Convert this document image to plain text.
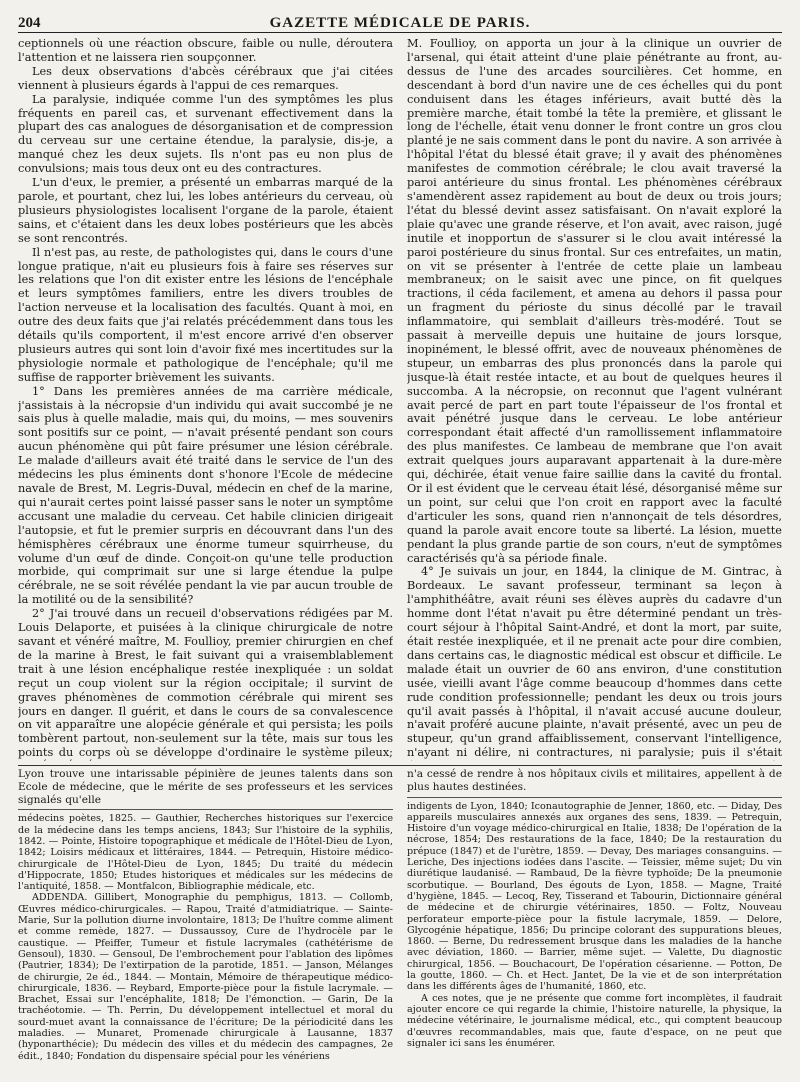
204	GAZETTE MÉDICALE DE PARIS.

ceptionnels où une réaction obscure, faible ou nulle, déroutera l'attention et ne laissera rien soupçonner.

Les deux observations d'abcès cérébraux que j'ai citées viennent à plusieurs égards à l'appui de ces remarques.

La paralysie, indiquée comme l'un des symptômes les plus fréquents en pareil cas, et survenant effectivement dans la plupart des cas analogues de désorganisation et de compression du cerveau sur une certaine étendue, la paralysie, dis-je, a manqué chez les deux sujets. Ils n'ont pas eu non plus de convulsions; mais tous deux ont eu des contractures.

L'un d'eux, le premier, a présenté un embarras marqué de la parole, et pourtant, chez lui, les lobes antérieurs du cerveau, où plusieurs physiologistes localisent l'organe de la parole, étaient sains, et c'étaient dans les deux lobes postérieurs que les abcès se sont rencontrés.

Il n'est pas, au reste, de pathologistes qui, dans le cours d'une longue pratique, n'ait eu plusieurs fois à faire ses réserves sur les relations que l'on dit exister entre les lésions de l'encéphale et leurs symptômes familiers, entre les divers troubles de l'action nerveuse et la localisation des facultés. Quant à moi, en outre des deux faits que j'ai relatés précédemment dans tous les détails qu'ils comportent, il m'est encore arrivé d'en observer plusieurs autres qui sont loin d'avoir fixé mes incertitudes sur la physiologie normale et pathologique de l'encéphale; qu'il me suffise de rapporter brièvement les suivants.

1° Dans les premières années de ma carrière médicale, j'assistais à la nécropsie d'un individu qui avait succombé je ne sais plus à quelle maladie, mais qui, du moins, — mes souvenirs sont positifs sur ce point, — n'avait présenté pendant son cours aucun phénomène qui pût faire présumer une lésion cérébrale. Le malade d'ailleurs avait été traité dans le service de l'un des médecins les plus éminents dont s'honore l'Ecole de médecine navale de Brest, M. Legris-Duval, médecin en chef de la marine, qui n'aurait certes point laissé passer sans le noter un symptôme accusant une maladie du cerveau. Cet habile clinicien dirigeait l'autopsie, et fut le premier surpris en découvrant dans l'un des hémisphères cérébraux une énorme tumeur squirrheuse, du volume d'un œuf de dinde. Conçoit-on qu'une telle production morbide, qui comprimait sur une si large étendue la pulpe cérébrale, ne se soit révélée pendant la vie par aucun trouble de la motilité ou de la sensibilité?

2° J'ai trouvé dans un recueil d'observations rédigées par M. Louis Delaporte, et puisées à la clinique chirurgicale de notre savant et vénéré maître, M. Foullioy, premier chirurgien en chef de la marine à Brest, le fait suivant qui a vraisemblablement trait à une lésion encéphalique restée inexpliquée : un soldat reçut un coup violent sur la région occipitale; il survint de graves phénomènes de commotion cérébrale qui mirent ses jours en danger. Il guérit, et dans le cours de sa convalescence on vit apparaître une alopécie générale et qui persista; les poils tombèrent partout, non-seulement sur la tête, mais sur tous les points du corps où se développe d'ordinaire le système pileux;

M. Foullioy, on apporta un jour à la clinique un ouvrier de l'arsenal, qui était atteint d'une plaie pénétrante au front, au-dessus de l'une des arcades sourcilières. Cet homme, en descendant à bord d'un navire une de ces échelles qui du pont conduisent dans les étages inférieurs, avait butté dès la première marche, était tombé la tête la première, et glissant le long de l'échelle, était venu donner le front contre un gros clou planté je ne sais comment dans le pont du navire. A son arrivée à l'hôpital l'état du blessé était grave; il y avait des phénomènes manifestes de commotion cérébrale; le clou avait traversé la paroi antérieure du sinus frontal. Les phénomènes cérébraux s'amendèrent assez rapidement au bout de deux ou trois jours; l'état du blessé devint assez satisfaisant. On n'avait exploré la plaie qu'avec une grande réserve, et l'on avait, avec raison, jugé inutile et inopportun de s'assurer si le clou avait intéressé la paroi postérieure du sinus frontal. Sur ces entrefaites, un matin, on vit se présenter à l'entrée de cette plaie un lambeau membraneux; on le saisit avec une pince, on fit quelques tractions, il céda facilement, et amena au dehors il passa pour un fragment du périoste du sinus décollé par le travail inflammatoire, qui semblait d'ailleurs très-modéré. Tout se passait à merveille depuis une huitaine de jours lorsque, inopinément, le blessé offrit, avec de nouveaux phénomènes de stupeur, un embarras des plus prononcés dans la parole qui jusque-là était restée intacte, et au bout de quelques heures il succomba. A la nécropsie, on reconnut que l'agent vulnérant avait percé de part en part toute l'épaisseur de l'os frontal et avait pénétré jusque dans le cerveau. Le lobe antérieur correspondant était affecté d'un ramollissement inflammatoire des plus manifestes. Ce lambeau de membrane que l'on avait extrait quelques jours auparavant appartenait à la dure-mère qui, déchirée, était venue faire saillie dans la cavité du frontal. Or il est évident que le cerveau était lésé, désorganisé même sur un point, sur celui que l'on croit en rapport avec la faculté d'articuler les sons, quand rien n'annonçait de tels désordres, quand la parole avait encore toute sa liberté. La lésion, muette pendant la plus grande partie de son cours, n'eut de symptômes caractérisés qu'à sa période finale.

4° Je suivais un jour, en 1844, la clinique de M. Gintrac, à Bordeaux. Le savant professeur, terminant sa leçon à l'amphithéâtre, avait réuni ses élèves auprès du cadavre d'un homme dont l'état n'avait pu être déterminé pendant un très-court séjour à l'hôpital Saint-André, et dont la mort, par suite, était restée inexpliquée, et il ne prenait acte pour dire combien, dans certains cas, le diagnostic médical est obscur et difficile. Le malade était un ouvrier de 60 ans environ, d'une constitution usée, vieilli avant l'âge comme beaucoup d'hommes dans cette rude condition professionnelle; pendant les deux ou trois jours qu'il avait passés à l'hôpital, il n'avait accusé aucune douleur, n'avait proféré aucune plainte, n'avait présenté, avec un peu de stupeur, qu'un grand affaiblissement, conservant l'intelligence, n'ayant ni délire, ni contractures, ni paralysie; puis il s'était

Lyon trouve une intarissable pépinière de jeunes talents dans son Ecole de médecine, que le mérite de ses professeurs et les services signalés qu'elle

médecins poètes, 1825. — Gauthier, Recherches historiques sur l'exercice de la médecine dans les temps anciens, 1843; Sur l'histoire de la syphilis, 1842. — Pointe, Histoire topographique et médicale de l'Hôtel-Dieu de Lyon, 1842; Loisirs médicaux et littéraires, 1844. — Petrequin, Histoire médico-chirurgicale de l'Hôtel-Dieu de Lyon, 1845; Du traité du médecin d'Hippocrate, 1850; Etudes historiques et médicales sur les médecins de l'antiquité, 1858. — Montfalcon, Bibliographie médicale, etc.

ADDENDA. Gillibert, Monographie du pemphigus, 1813. — Collomb, Œuvres médico-chirurgicales. — Rapou, Traité d'atmidiatrique. — Sainte-Marie, Sur la pollution diurne involontaire, 1813; De l'huître comme aliment et comme remède, 1827. — Dussaussoy, Cure de l'hydrocèle par le caustique. — Pfeiffer, Tumeur et fistule lacrymales (cathétérisme de Gensoul), 1830. — Gensoul, De l'embrochement pour l'ablation des lipômes (Pautrier, 1834); De l'extirpation de la parotide, 1851. — Janson, Mélanges de chirurgie, 2e éd., 1844. — Montain, Mémoire de thérapeutique médico-chirurgicale, 1836. — Reybard, Emporte-pièce pour la fistule lacrymale. — Brachet, Essai sur l'encéphalite, 1818; De l'émonction. — Garin, De la trachéotomie. — Th. Perrin, Du développement intellectuel et moral du sourd-muet avant la connaissance de l'écriture; De la périodicité dans les maladies. — Munaret, Promenade chirurgicale à Lausanne, 1837 (hyponarthécie); Du médecin des villes et du médecin des campagnes, 2e édit., 1840; Fondation du dispensaire spécial pour les vénériens

n'a cessé de rendre à nos hôpitaux civils et militaires, appellent à de plus hautes destinées.

indigents de Lyon, 1840; Iconautographie de Jenner, 1860, etc. — Diday, Des appareils musculaires annexés aux organes des sens, 1839. — Petrequin, Histoire d'un voyage médico-chirurgical en Italie, 1838; De l'opération de la nécrose, 1854; Des restaurations de la face, 1840; De la restauration du prépuce (1847) et de l'urètre, 1859. — Devay, Des mariages consanguins. — Leriche, Des injections iodées dans l'ascite. — Teissier, même sujet; Du vin diurétique laudanisé. — Rambaud, De la fièvre typhoïde; De la pneumonie scorbutique. — Bourland, Des égouts de Lyon, 1858. — Magne, Traité d'hygiène, 1845. — Lecoq, Rey, Tisserand et Tabourin, Dictionnaire général de médecine et de chirurgie vétérinaires, 1850. — Foltz, Nouveau perforateur emporte-pièce pour la fistule lacrymale, 1859. — Delore, Glycogénie hépatique, 1856; Du principe colorant des suppurations bleues, 1860. — Berne, Du redressement brusque dans les maladies de la hanche avec déviation, 1860. — Barrier, même sujet. — Valette, Du diagnostic chirurgical, 1856. — Bouchacourt, De l'opération césarienne. — Potton, De la goutte, 1860. — Ch. et Hect. Jantet, De la vie et de son interprétation dans les différents âges de l'humanité, 1860, etc.

A ces notes, que je ne présente que comme fort incomplètes, il faudrait ajouter encore ce qui regarde la chimie, l'histoire naturelle, la physique, la médecine vétérinaire, le journalisme médical, etc., qui comptent beaucoup d'œuvres recommandables, mais que, faute d'espace, on ne peut que signaler ici sans les énumérer.
